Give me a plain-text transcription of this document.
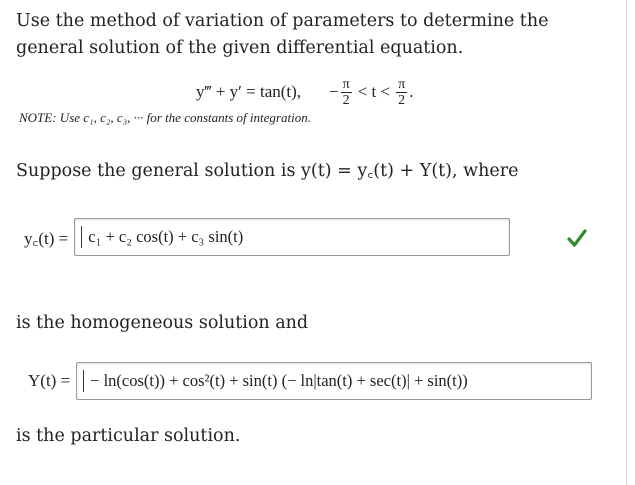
Use the method of variation of parameters to determine the general solution of the given differential equation.

y‴ + y′ = tan(t), − $\frac{\pi}{2} < t < \frac{\pi}{2}$ .
NOTE: Use c₁, c₂, c₃, ··· for the constants of integration.
Suppose the general solution is y(t) = y꜀(t) + Y(t), where
y꜀(t) = c₁ + c₂ cos(t) + c₃ sin(t)
is the homogeneous solution and
Y(t) = − ln(cos(t)) + cos²(t) + sin(t) (− ln|tan(t) + sec(t)| + sin(t))
is the particular solution.
